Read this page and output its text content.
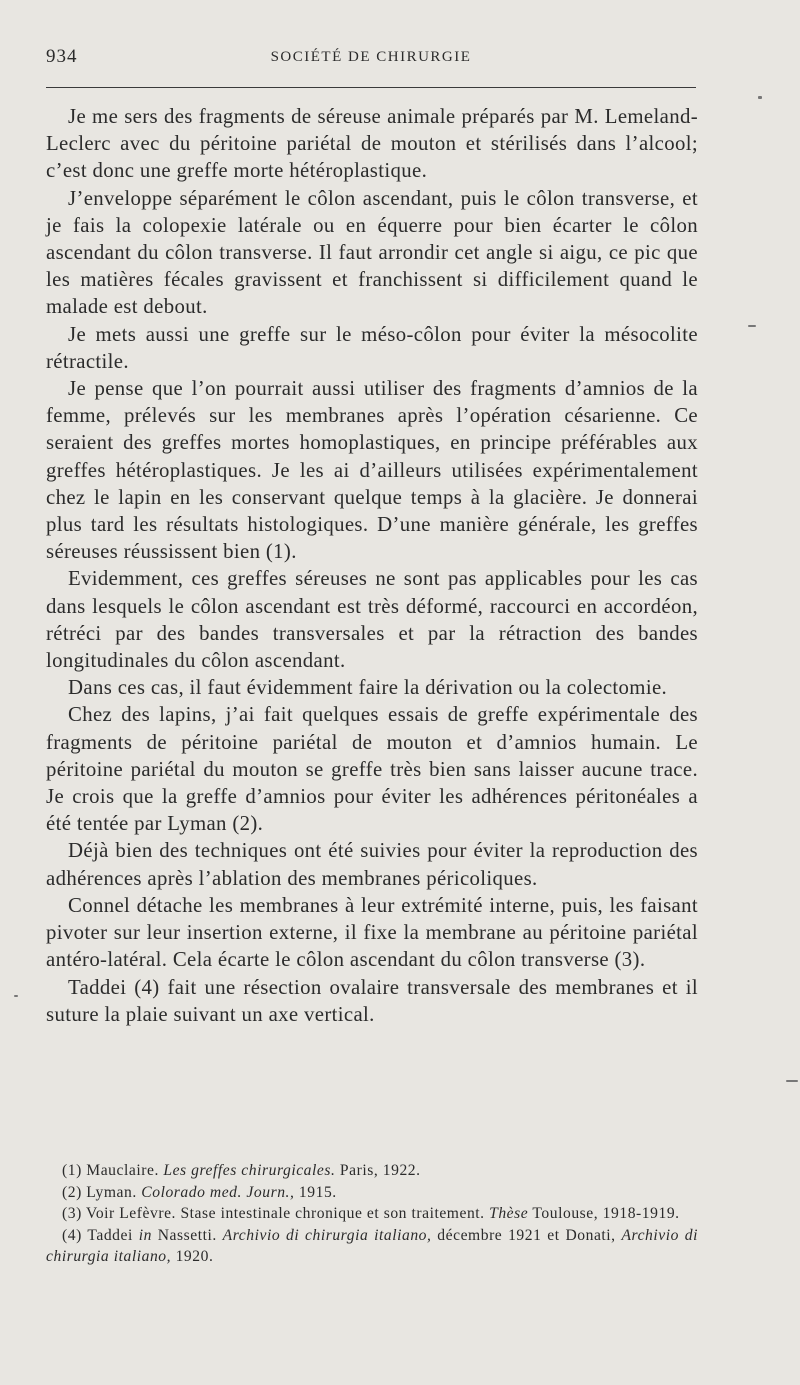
934	SOCIÉTÉ DE CHIRURGIE

Je me sers des fragments de séreuse animale préparés par M. Lemeland-Leclerc avec du péritoine pariétal de mouton et stérilisés dans l’alcool; c’est donc une greffe morte hétéroplastique.

J’enveloppe séparément le côlon ascendant, puis le côlon transverse, et je fais la colopexie latérale ou en équerre pour bien écarter le côlon ascendant du côlon transverse. Il faut arrondir cet angle si aigu, ce pic que les matières fécales gravissent et franchissent si difficilement quand le malade est debout.

Je mets aussi une greffe sur le méso-côlon pour éviter la mésocolite rétractile.

Je pense que l’on pourrait aussi utiliser des fragments d’amnios de la femme, prélevés sur les membranes après l’opération césarienne. Ce seraient des greffes mortes homoplastiques, en principe préférables aux greffes hétéroplastiques. Je les ai d’ailleurs utilisées expérimentalement chez le lapin en les conservant quelque temps à la glacière. Je donnerai plus tard les résultats histologiques. D’une manière générale, les greffes séreuses réussissent bien (1).

Evidemment, ces greffes séreuses ne sont pas applicables pour les cas dans lesquels le côlon ascendant est très déformé, raccourci en accordéon, rétréci par des bandes transversales et par la rétraction des bandes longitudinales du côlon ascendant.

Dans ces cas, il faut évidemment faire la dérivation ou la colectomie.

Chez des lapins, j’ai fait quelques essais de greffe expérimentale des fragments de péritoine pariétal de mouton et d’amnios humain. Le péritoine pariétal du mouton se greffe très bien sans laisser aucune trace. Je crois que la greffe d’amnios pour éviter les adhérences péritonéales a été tentée par Lyman (2).

Déjà bien des techniques ont été suivies pour éviter la reproduction des adhérences après l’ablation des membranes péricoliques.

Connel détache les membranes à leur extrémité interne, puis, les faisant pivoter sur leur insertion externe, il fixe la membrane au péritoine pariétal antéro-latéral. Cela écarte le côlon ascendant du côlon transverse (3).

Taddei (4) fait une résection ovalaire transversale des membranes et il suture la plaie suivant un axe vertical.

(1) Mauclaire. Les greffes chirurgicales. Paris, 1922.

(2) Lyman. Colorado med. Journ., 1915.

(3) Voir Lefèvre. Stase intestinale chronique et son traitement. Thèse Toulouse, 1918-1919.

(4) Taddei in Nassetti. Archivio di chirurgia italiano, décembre 1921 et Donati, Archivio di chirurgia italiano, 1920.
